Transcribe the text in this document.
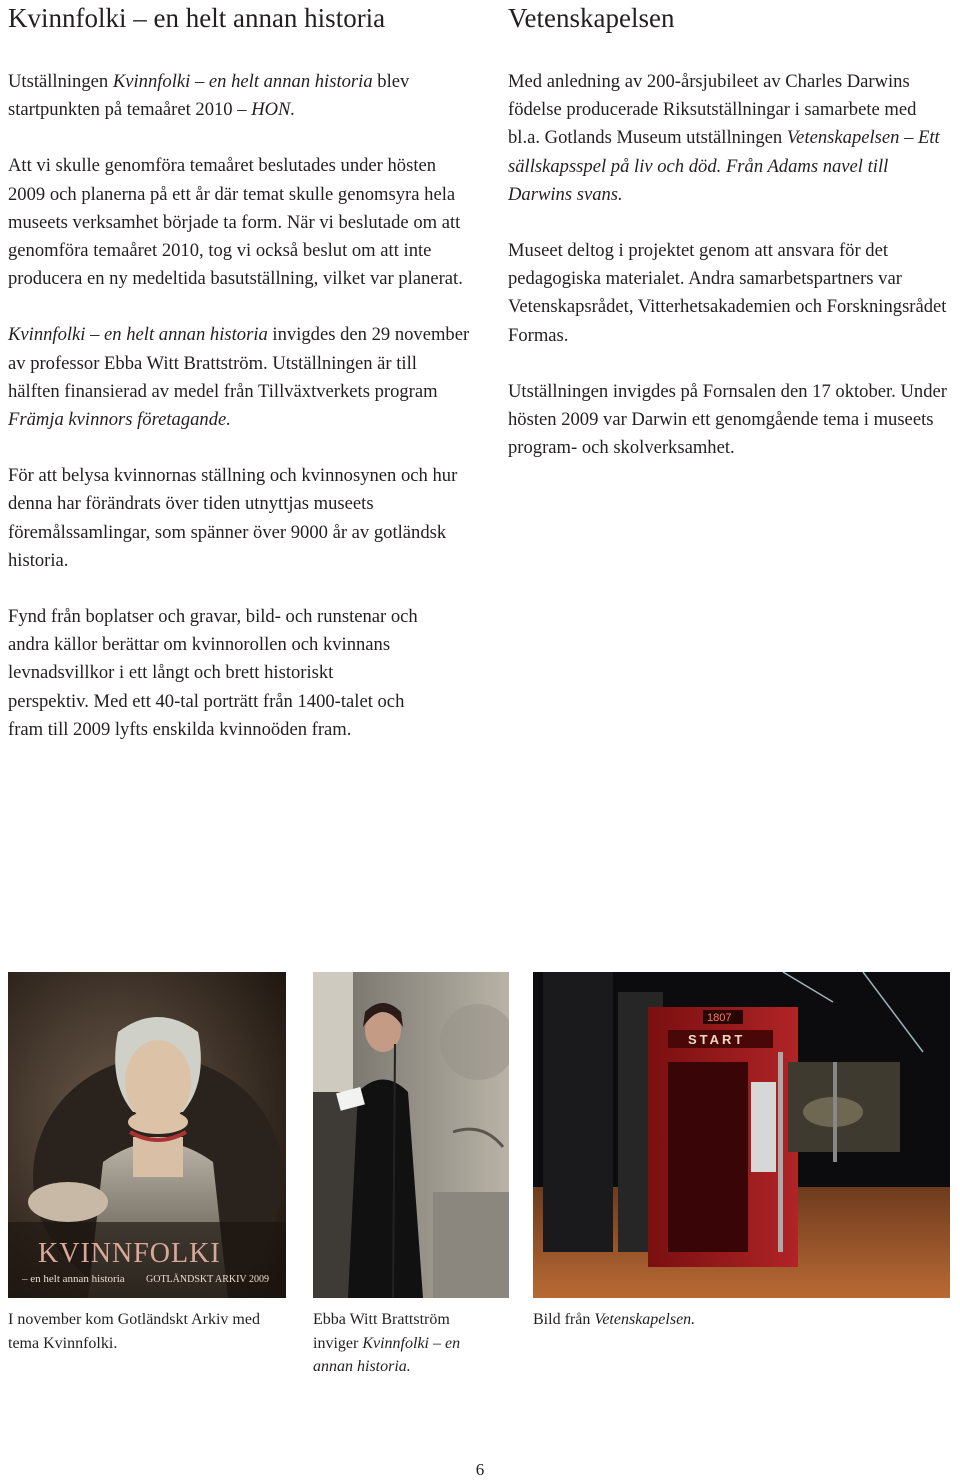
Kvinnfolki – en helt annan historia

Utställningen Kvinnfolki – en helt annan historia blev startpunkten på temaåret 2010 – HON.

Att vi skulle genomföra temaåret beslutades under hösten 2009 och planerna på ett år där temat skulle genomsyra hela museets verksamhet började ta form. När vi beslutade om att genomföra temaåret 2010, tog vi också beslut om att inte producera en ny medeltida basutställning, vilket var planerat.

Kvinnfolki – en helt annan historia invigdes den 29 november av professor Ebba Witt Brattström. Utställningen är till hälften finansierad av medel från Tillväxtverkets program Främja kvinnors företagande.

För att belysa kvinnornas ställning och kvinnosynen och hur denna har förändrats över tiden utnyttjas museets föremålssamlingar, som spänner över 9000 år av gotländsk historia.

Fynd från boplatser och gravar, bild- och runstenar och andra källor berättar om kvinnorollen och kvinnans levnadsvillkor i ett långt och brett historiskt perspektiv. Med ett 40-tal porträtt från 1400-talet och fram till 2009 lyfts enskilda kvinnoöden fram.

Vetenskapelsen

Med anledning av 200-årsjubileet av Charles Darwins födelse producerade Riksutställningar i samarbete med bl.a. Gotlands Museum utställningen Vetenskapelsen – Ett sällskapsspel på liv och död. Från Adams navel till Darwins svans.

Museet deltog i projektet genom att ansvara för det pedagogiska materialet. Andra samarbetspartners var Vetenskapsrådet, Vitterhetsakademien och Forskningsrådet Formas.

Utställningen invigdes på Fornsalen den 17 oktober. Under hösten 2009 var Darwin ett genomgående tema i museets program- och skolverksamhet.

KVINNFOLKI
– en helt annan historia GOTLÄNDSKT ARKIV 2009
START
1807

I november kom Gotländskt Arkiv med tema Kvinnfolki.

Ebba Witt Brattström inviger Kvinnfolki – en annan historia.

Bild från Vetenskapelsen.

6
